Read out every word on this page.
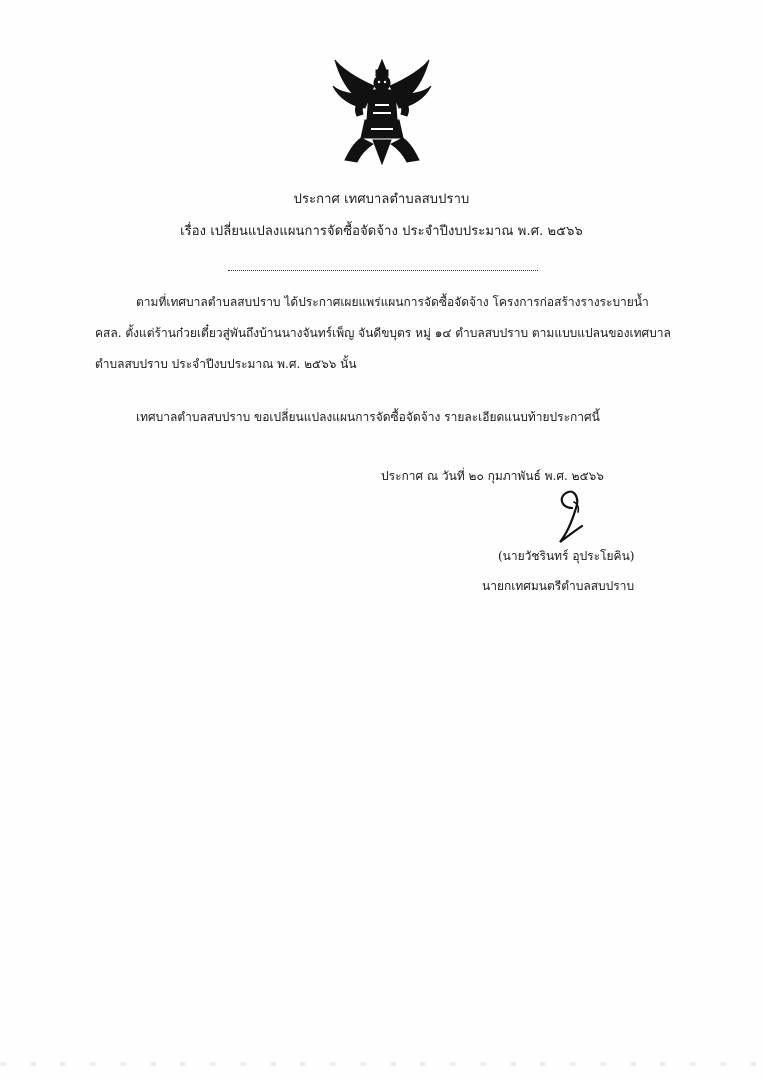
ประกาศ เทศบาลตำบลสบปราบ
เรื่อง เปลี่ยนแปลงแผนการจัดซื้อจัดจ้าง ประจำปีงบประมาณ พ.ศ. ๒๕๖๖
ตามที่เทศบาลตำบลสบปราบ ได้ประกาศเผยแพร่แผนการจัดซื้อจัดจ้าง โครงการก่อสร้างรางระบายน้ำ
คสล. ตั้งแต่ร้านก๋วยเตี๋ยวสู่พันถึงบ้านนางจันทร์เพ็ญ จันดีขบุตร หมู่ ๑๔ ตำบลสบปราบ ตามแบบแปลนของเทศบาล
ตำบลสบปราบ ประจำปีงบประมาณ พ.ศ. ๒๕๖๖ นั้น
เทศบาลตำบลสบปราบ ขอเปลี่ยนแปลงแผนการจัดซื้อจัดจ้าง รายละเอียดแนบท้ายประกาศนี้
ประกาศ ณ วันที่ ๒๐ กุมภาพันธ์ พ.ศ. ๒๕๖๖
(นายวัชรินทร์ อุประโยคิน)
นายกเทศมนตรีตำบลสบปราบ
